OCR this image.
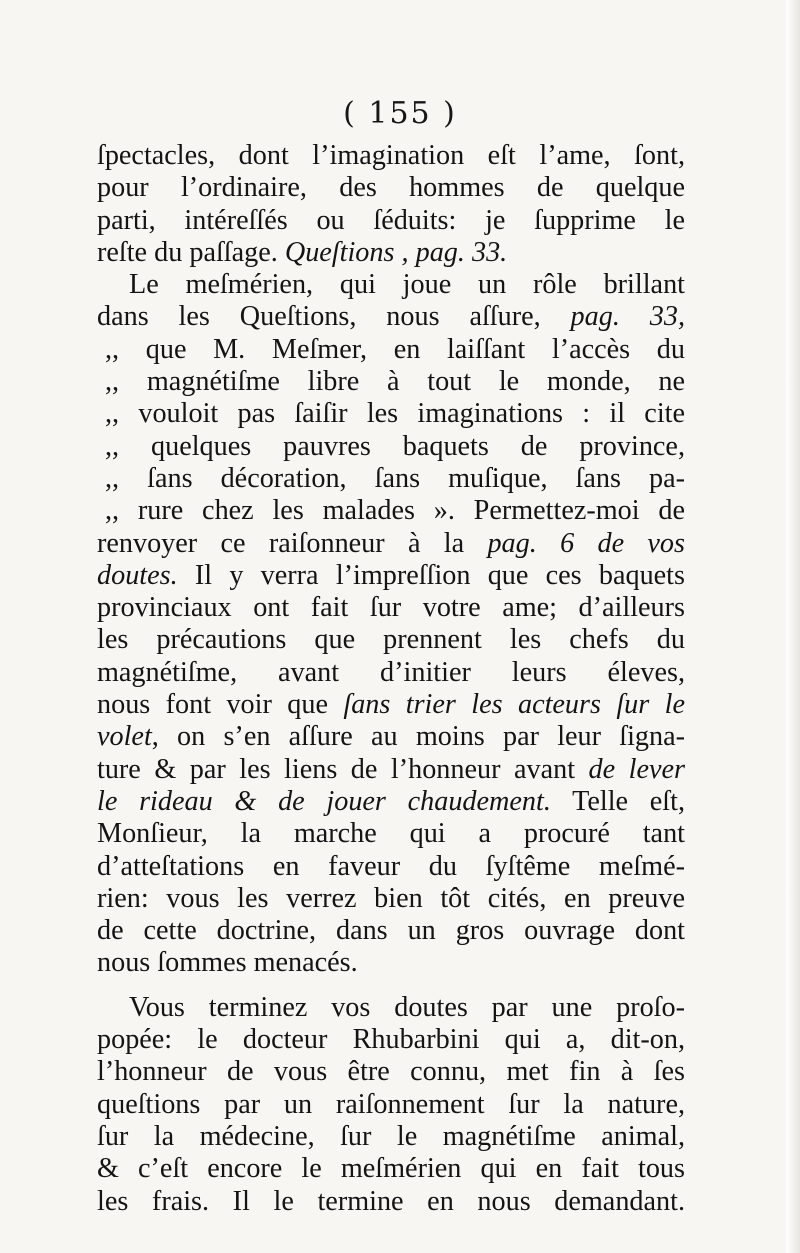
( 155 )
ſpectacles, dont l’imagination eſt l’ame, ſont,
pour l’ordinaire, des hommes de quelque
parti, intéreſſés ou ſéduits: je ſupprime le
reſte du paſſage. Queſtions , pag. 33.
Le meſmérien, qui joue un rôle brillant
dans les Queſtions, nous aſſure, pag. 33,
,, que M. Meſmer, en laiſſant l’accès du
,, magnétiſme libre à tout le monde, ne
,, vouloit pas ſaiſir les imaginations : il cite
,, quelques pauvres baquets de province,
,, ſans décoration, ſans muſique, ſans pa-
,, rure chez les malades ». Permettez-moi de
renvoyer ce raiſonneur à la pag. 6 de vos
doutes. Il y verra l’impreſſion que ces baquets
provinciaux ont fait ſur votre ame; d’ailleurs
les précautions que prennent les chefs du
magnétiſme, avant d’initier leurs éleves,
nous font voir que ſans trier les acteurs ſur le
volet, on s’en aſſure au moins par leur ſigna-
ture & par les liens de l’honneur avant de lever
le rideau & de jouer chaudement. Telle eſt,
Monſieur, la marche qui a procuré tant
d’atteſtations en faveur du ſyſtême meſmé-
rien: vous les verrez bien tôt cités, en preuve
de cette doctrine, dans un gros ouvrage dont
nous ſommes menacés.
Vous terminez vos doutes par une proſo-
popée: le docteur Rhubarbini qui a, dit-on,
l’honneur de vous être connu, met fin à ſes
queſtions par un raiſonnement ſur la nature,
ſur la médecine, ſur le magnétiſme animal,
& c’eſt encore le meſmérien qui en fait tous
les frais. Il le termine en nous demandant.
